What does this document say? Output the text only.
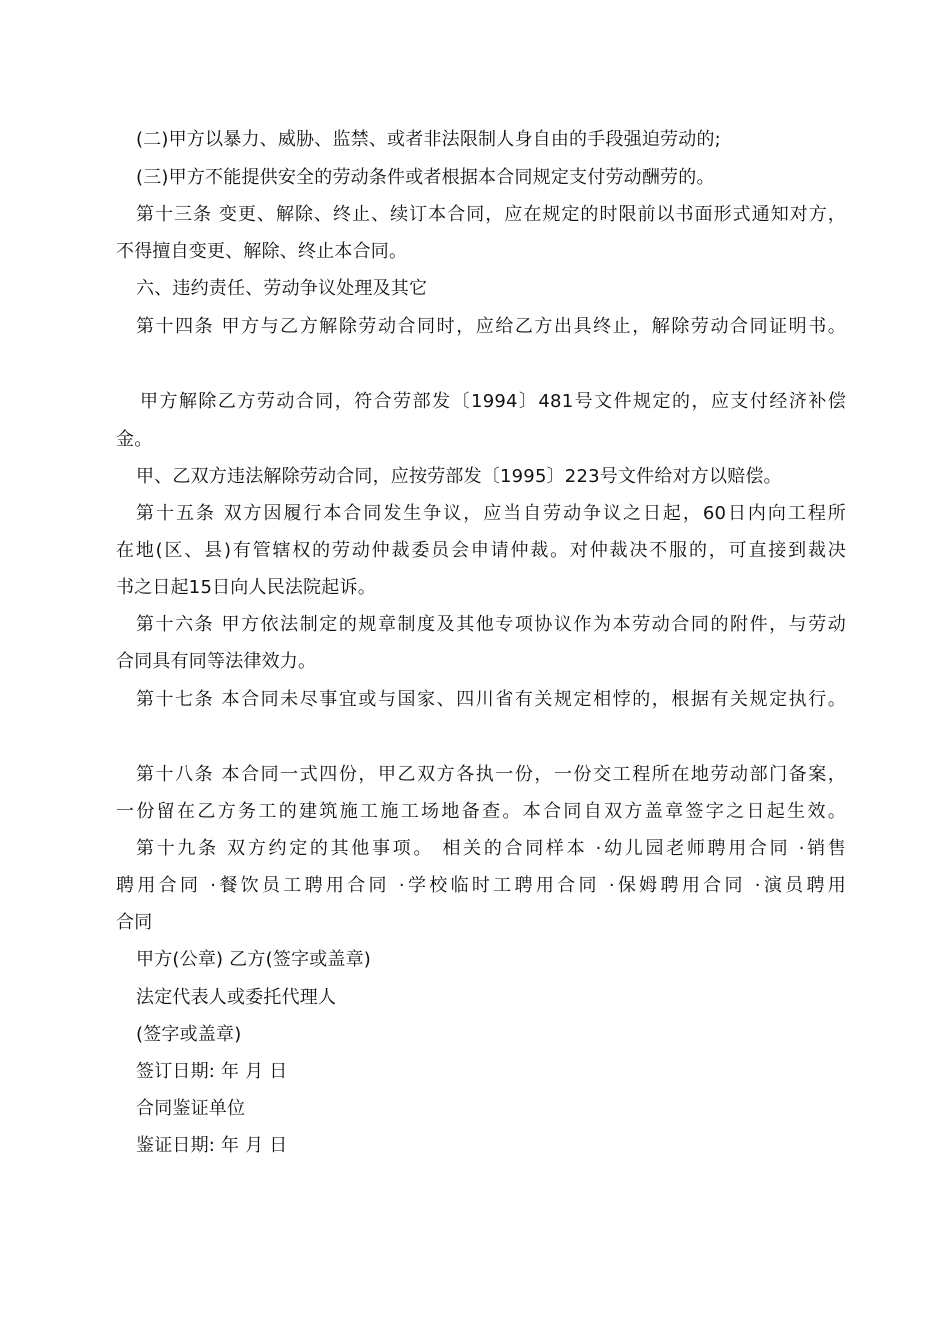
(二)甲方以暴力、威胁、监禁、或者非法限制人身自由的手段强迫劳动的;
(三)甲方不能提供安全的劳动条件或者根据本合同规定支付劳动酬劳的。
第十三条 变更、解除、终止、续订本合同，应在规定的时限前以书面形式通知对方，
不得擅自变更、解除、终止本合同。
六、违约责任、劳动争议处理及其它
第十四条 甲方与乙方解除劳动合同时，应给乙方出具终止，解除劳动合同证明书。
甲方解除乙方劳动合同，符合劳部发〔1994〕481号文件规定的，应支付经济补偿
金。
甲、乙双方违法解除劳动合同，应按劳部发〔1995〕223号文件给对方以赔偿。
第十五条 双方因履行本合同发生争议，应当自劳动争议之日起，60日内向工程所
在地(区、县)有管辖权的劳动仲裁委员会申请仲裁。对仲裁决不服的，可直接到裁决
书之日起15日向人民法院起诉。
第十六条 甲方依法制定的规章制度及其他专项协议作为本劳动合同的附件，与劳动
合同具有同等法律效力。
第十七条 本合同未尽事宜或与国家、四川省有关规定相悖的，根据有关规定执行。
第十八条 本合同一式四份，甲乙双方各执一份，一份交工程所在地劳动部门备案，
一份留在乙方务工的建筑施工施工场地备查。本合同自双方盖章签字之日起生效。
第十九条 双方约定的其他事项。 相关的合同样本 ·幼儿园老师聘用合同 ·销售
聘用合同 ·餐饮员工聘用合同 ·学校临时工聘用合同 ·保姆聘用合同 ·演员聘用
合同
甲方(公章) 乙方(签字或盖章)
法定代表人或委托代理人
(签字或盖章)
签订日期: 年 月 日
合同鉴证单位
鉴证日期: 年 月 日
